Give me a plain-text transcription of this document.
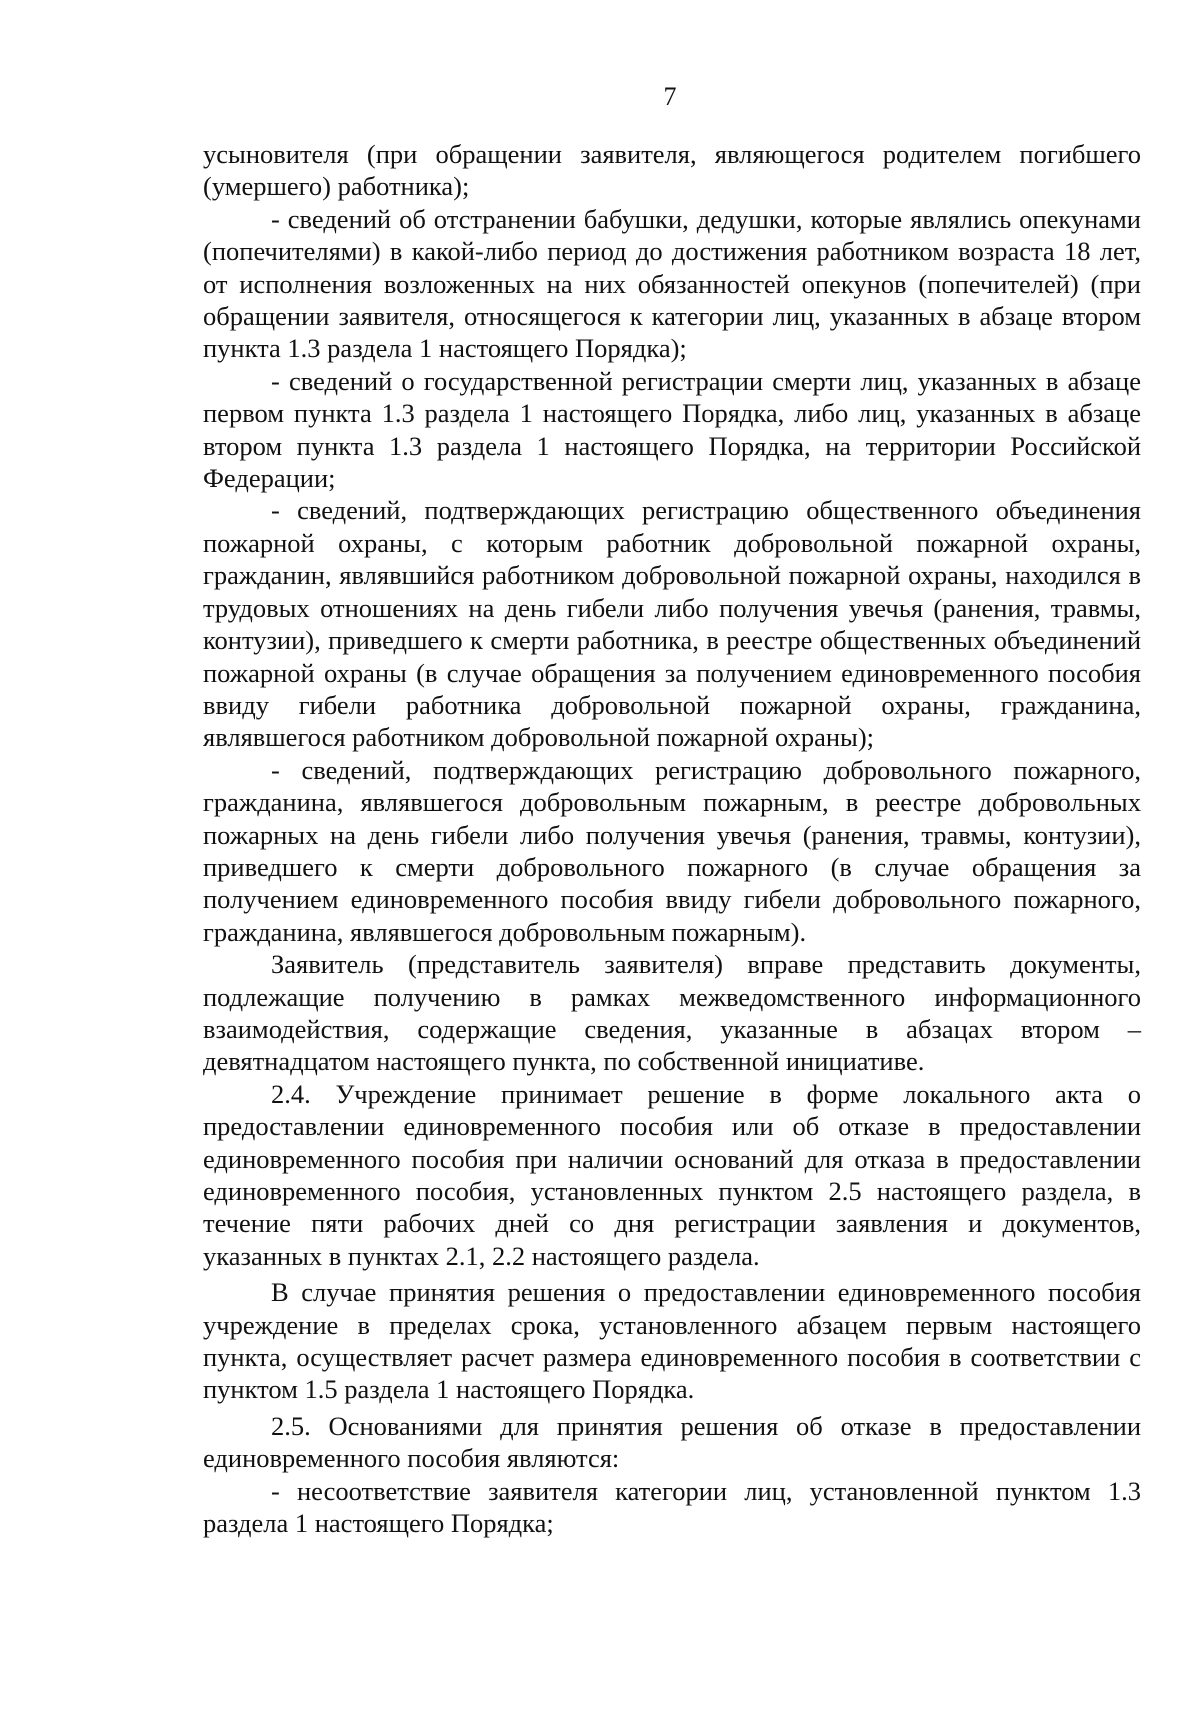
7

усыновителя (при обращении заявителя, являющегося родителем погибшего (умершего) работника);

- сведений об отстранении бабушки, дедушки, которые являлись опекунами (попечителями) в какой-либо период до достижения работником возраста 18 лет, от исполнения возложенных на них обязанностей опекунов (попечителей) (при обращении заявителя, относящегося к категории лиц, указанных в абзаце втором пункта 1.3 раздела 1 настоящего Порядка);

- сведений о государственной регистрации смерти лиц, указанных в абзаце первом пункта 1.3 раздела 1 настоящего Порядка, либо лиц, указанных в абзаце втором пункта 1.3 раздела 1 настоящего Порядка, на территории Российской Федерации;

- сведений, подтверждающих регистрацию общественного объединения пожарной охраны, с которым работник добровольной пожарной охраны, гражданин, являвшийся работником добровольной пожарной охраны, находился в трудовых отношениях на день гибели либо получения увечья (ранения, травмы, контузии), приведшего к смерти работника, в реестре общественных объединений пожарной охраны (в случае обращения за получением единовременного пособия ввиду гибели работника добровольной пожарной охраны, гражданина, являвшегося работником добровольной пожарной охраны);

- сведений, подтверждающих регистрацию добровольного пожарного, гражданина, являвшегося добровольным пожарным, в реестре добровольных пожарных на день гибели либо получения увечья (ранения, травмы, контузии), приведшего к смерти добровольного пожарного (в случае обращения за получением единовременного пособия ввиду гибели добровольного пожарного, гражданина, являвшегося добровольным пожарным).

Заявитель (представитель заявителя) вправе представить документы, подлежащие получению в рамках межведомственного информационного взаимодействия, содержащие сведения, указанные в абзацах втором – девятнадцатом настоящего пункта, по собственной инициативе.

2.4. Учреждение принимает решение в форме локального акта о предоставлении единовременного пособия или об отказе в предоставлении единовременного пособия при наличии оснований для отказа в предоставлении единовременного пособия, установленных пунктом 2.5 настоящего раздела, в течение пяти рабочих дней со дня регистрации заявления и документов, указанных в пунктах 2.1, 2.2 настоящего раздела.

В случае принятия решения о предоставлении единовременного пособия учреждение в пределах срока, установленного абзацем первым настоящего пункта, осуществляет расчет размера единовременного пособия в соответствии с пунктом 1.5 раздела 1 настоящего Порядка.

2.5. Основаниями для принятия решения об отказе в предоставлении единовременного пособия являются:

- несоответствие заявителя категории лиц, установленной пунктом 1.3 раздела 1 настоящего Порядка;
